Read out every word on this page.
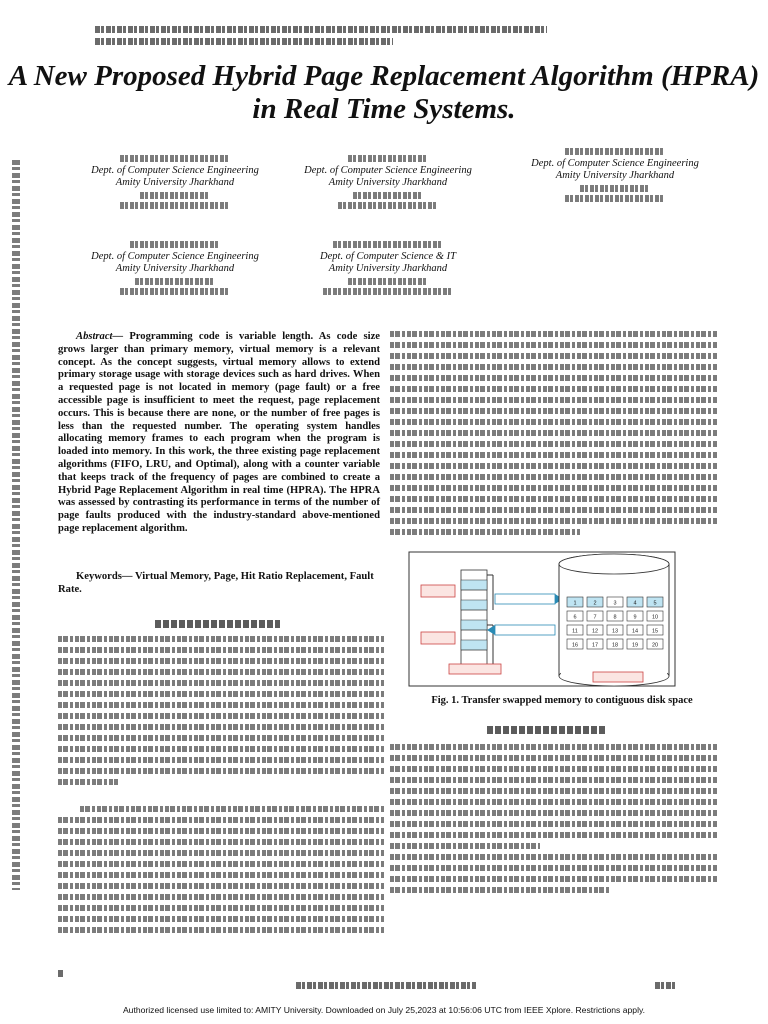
A New Proposed Hybrid Page Replacement Algorithm (HPRA) in Real Time Systems.
Dept. of Computer Science Engineering
Amity University Jharkhand
Dept. of Computer Science Engineering
Amity University Jharkhand
Dept. of Computer Science Engineering
Amity University Jharkhand
Dept. of Computer Science Engineering
Amity University Jharkhand
Dept. of Computer Science & IT
Amity University Jharkhand
Abstract— Programming code is variable length. As code size grows larger than primary memory, virtual memory is a relevant concept. As the concept suggests, virtual memory allows to extend primary storage usage with storage devices such as hard drives. When a requested page is not located in memory (page fault) or a free accessible page is insufficient to meet the request, page replacement occurs. This is because there are none, or the number of free pages is less than the requested number. The operating system handles allocating memory frames to each program when the program is loaded into memory. In this work, the three existing page replacement algorithms (FIFO, LRU, and Optimal), along with a counter variable that keeps track of the frequency of pages are combined to create a Hybrid Page Replacement Algorithm in real time (HPRA). The HPRA was assessed by contrasting its performance in terms of the number of page faults produced with the industry-standard above-mentioned page replacement algorithm.
Keywords— Virtual Memory, Page, Hit Ratio Replacement, Fault Rate.
1	2	3	4	5
6	7	8	9	10
11	12	13	14	15
16	17	18	19	20
Fig. 1. Transfer swapped memory to contiguous disk space
Authorized licensed use limited to: AMITY University. Downloaded on July 25,2023 at 10:56:06 UTC from IEEE Xplore. Restrictions apply.
